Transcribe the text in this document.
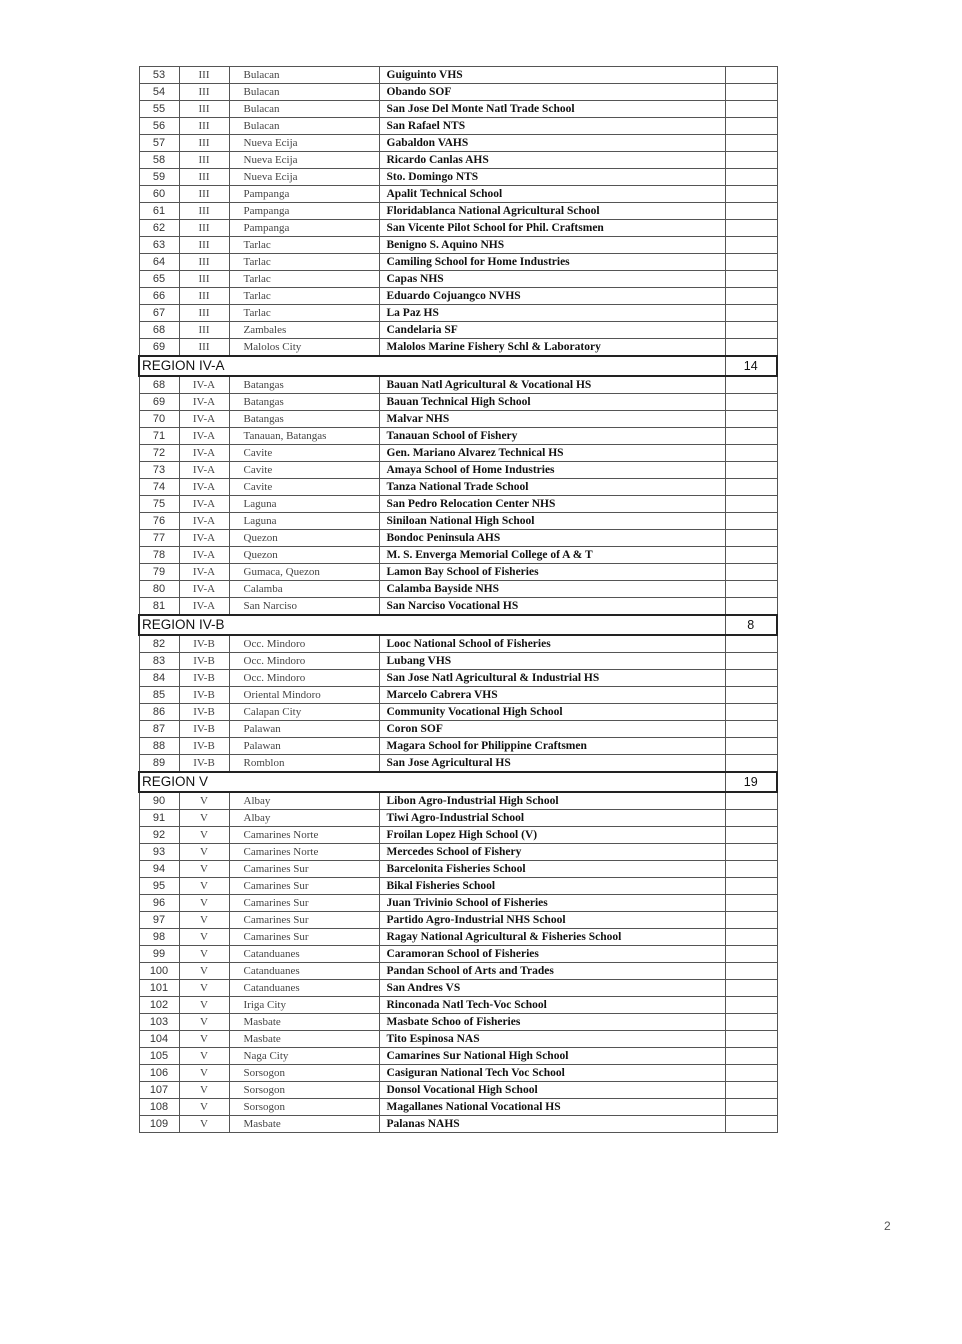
53	III	Bulacan	Guiguinto VHS	
54	III	Bulacan	Obando SOF	
55	III	Bulacan	San Jose Del Monte Natl Trade School	
56	III	Bulacan	San Rafael NTS	
57	III	Nueva Ecija	Gabaldon VAHS	
58	III	Nueva Ecija	Ricardo Canlas AHS	
59	III	Nueva Ecija	Sto. Domingo NTS	
60	III	Pampanga	Apalit Technical School	
61	III	Pampanga	Floridablanca National Agricultural School	
62	III	Pampanga	San Vicente Pilot School for Phil. Craftsmen	
63	III	Tarlac	Benigno S. Aquino NHS	
64	III	Tarlac	Camiling School for Home Industries	
65	III	Tarlac	Capas NHS	
66	III	Tarlac	Eduardo Cojuangco NVHS	
67	III	Tarlac	La Paz HS	
68	III	Zambales	Candelaria SF	
69	III	Malolos City	Malolos Marine Fishery Schl & Laboratory	
REGION IV-A				14
68	IV-A	Batangas	Bauan Natl Agricultural & Vocational HS	
69	IV-A	Batangas	Bauan Technical High School	
70	IV-A	Batangas	Malvar NHS	
71	IV-A	Tanauan, Batangas	Tanauan School of Fishery	
72	IV-A	Cavite	Gen. Mariano Alvarez Technical HS	
73	IV-A	Cavite	Amaya School of Home Industries	
74	IV-A	Cavite	Tanza National Trade School	
75	IV-A	Laguna	San Pedro Relocation Center NHS	
76	IV-A	Laguna	Siniloan National High School	
77	IV-A	Quezon	Bondoc Peninsula AHS	
78	IV-A	Quezon	M. S. Enverga Memorial College of A & T	
79	IV-A	Gumaca, Quezon	Lamon Bay School of Fisheries	
80	IV-A	Calamba	Calamba Bayside NHS	
81	IV-A	San Narciso	San Narciso Vocational HS	
REGION IV-B				8
82	IV-B	Occ. Mindoro	Looc National School of Fisheries	
83	IV-B	Occ. Mindoro	Lubang VHS	
84	IV-B	Occ. Mindoro	San Jose Natl Agricultural & Industrial HS	
85	IV-B	Oriental Mindoro	Marcelo Cabrera VHS	
86	IV-B	Calapan City	Community Vocational High School	
87	IV-B	Palawan	Coron SOF	
88	IV-B	Palawan	Magara School for Philippine Craftsmen	
89	IV-B	Romblon	San Jose Agricultural HS	
REGION V				19
90	V	Albay	Libon Agro-Industrial High School	
91	V	Albay	Tiwi Agro-Industrial School	
92	V	Camarines Norte	Froilan Lopez High School (V)	
93	V	Camarines Norte	Mercedes School of Fishery	
94	V	Camarines Sur	Barcelonita Fisheries School	
95	V	Camarines Sur	Bikal Fisheries School	
96	V	Camarines Sur	Juan Trivinio School of Fisheries	
97	V	Camarines Sur	Partido Agro-Industrial NHS School	
98	V	Camarines Sur	Ragay National Agricultural & Fisheries School	
99	V	Catanduanes	Caramoran School of Fisheries	
100	V	Catanduanes	Pandan School of Arts and Trades	
101	V	Catanduanes	San Andres VS	
102	V	Iriga City	Rinconada Natl Tech-Voc School	
103	V	Masbate	Masbate Schoo of Fisheries	
104	V	Masbate	Tito Espinosa NAS	
105	V	Naga City	Camarines Sur National High School	
106	V	Sorsogon	Casiguran National Tech Voc School	
107	V	Sorsogon	Donsol Vocational High School	
108	V	Sorsogon	Magallanes National Vocational HS	
109	V	Masbate	Palanas NAHS	
2
